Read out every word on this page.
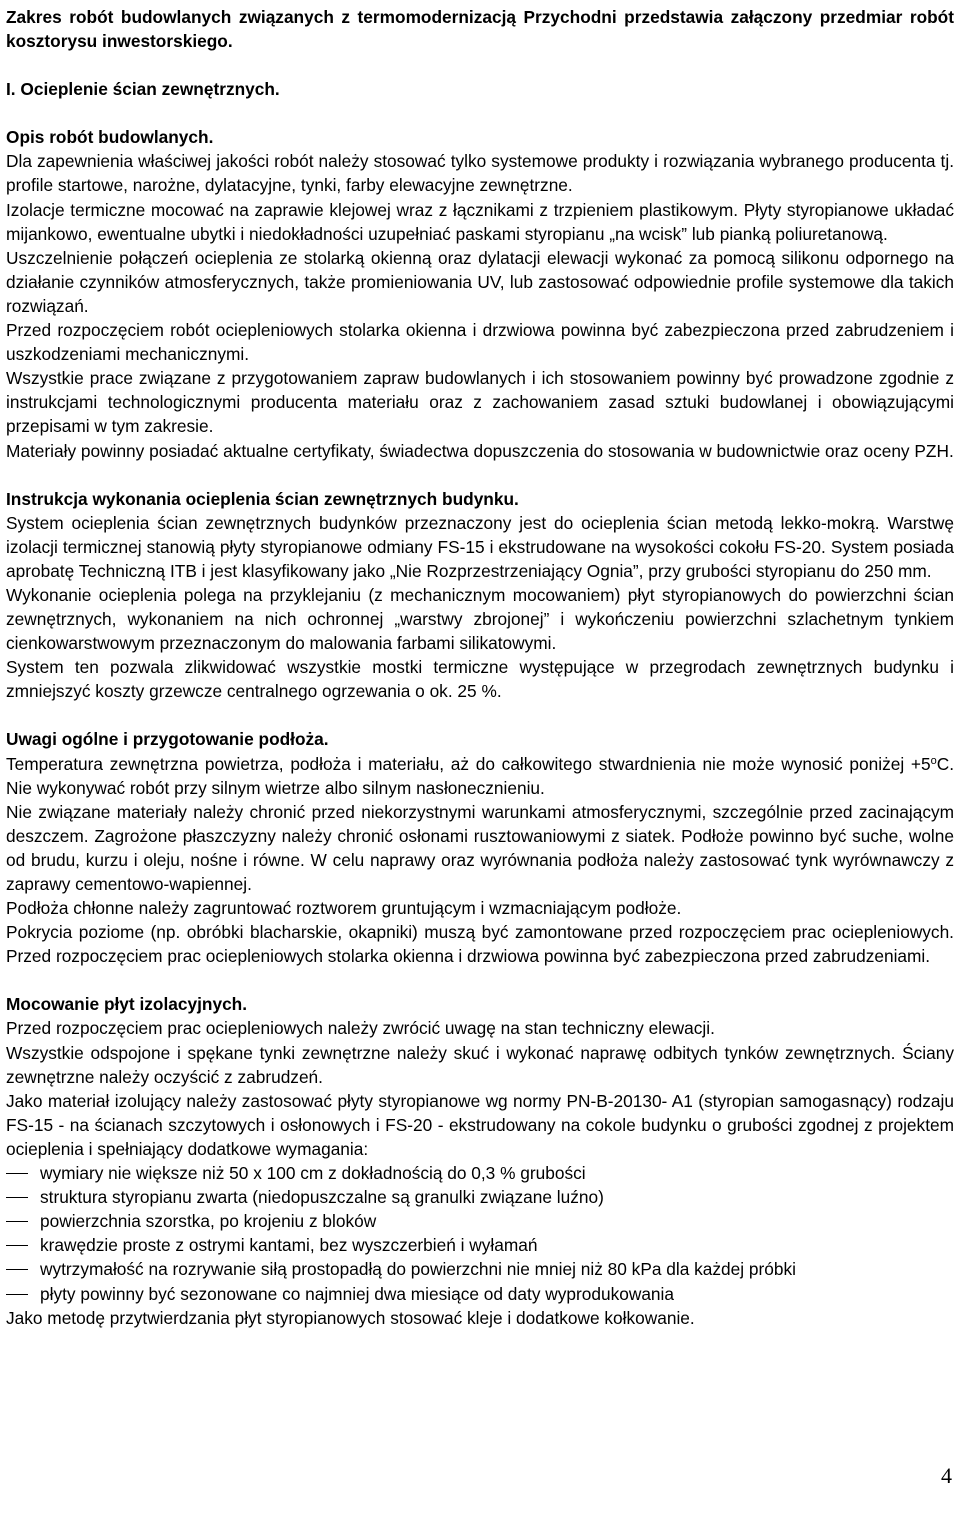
Zakres robót budowlanych związanych z termomodernizacją Przychodni przedstawia załączony przedmiar robót kosztorysu inwestorskiego.

I. Ocieplenie ścian zewnętrznych.

Opis robót budowlanych.

Dla zapewnienia właściwej jakości robót należy stosować tylko systemowe produkty i rozwiązania wybranego producenta tj. profile startowe, narożne, dylatacyjne, tynki, farby elewacyjne zewnętrzne.

Izolacje termiczne mocować na zaprawie klejowej wraz z łącznikami z trzpieniem plastikowym. Płyty styropianowe układać mijankowo, ewentualne ubytki i niedokładności uzupełniać paskami styropianu „na wcisk” lub pianką poliuretanową.

Uszczelnienie połączeń ocieplenia ze stolarką okienną oraz dylatacji elewacji wykonać za pomocą silikonu odpornego na działanie czynników atmosferycznych, także promieniowania UV, lub zastosować odpowiednie profile systemowe dla takich rozwiązań.

Przed rozpoczęciem robót ociepleniowych stolarka okienna i drzwiowa powinna być zabezpieczona przed zabrudzeniem i uszkodzeniami mechanicznymi.

Wszystkie prace związane z przygotowaniem zapraw budowlanych i ich stosowaniem powinny być prowadzone zgodnie z instrukcjami technologicznymi producenta materiału oraz z zachowaniem zasad sztuki budowlanej i obowiązującymi przepisami w tym zakresie.

Materiały powinny posiadać aktualne certyfikaty, świadectwa dopuszczenia do stosowania w budownictwie oraz oceny PZH.

Instrukcja wykonania ocieplenia ścian zewnętrznych budynku.

System ocieplenia ścian zewnętrznych budynków przeznaczony jest do ocieplenia ścian metodą lekko-mokrą. Warstwę izolacji termicznej stanowią płyty styropianowe odmiany FS-15 i ekstrudowane na wysokości cokołu FS-20. System posiada aprobatę Techniczną ITB i jest klasyfikowany jako „Nie Rozprzestrzeniający Ognia”, przy grubości styropianu do 250 mm.

Wykonanie ocieplenia polega na przyklejaniu (z mechanicznym mocowaniem) płyt styropianowych do powierzchni ścian zewnętrznych, wykonaniem na nich ochronnej „warstwy zbrojonej” i wykończeniu powierzchni szlachetnym tynkiem cienkowarstwowym przeznaczonym do malowania farbami silikatowymi.

System ten pozwala zlikwidować wszystkie mostki termiczne występujące w przegrodach zewnętrznych budynku i zmniejszyć koszty grzewcze centralnego ogrzewania o ok. 25 %.

Uwagi ogólne i przygotowanie podłoża.

Temperatura zewnętrzna powietrza, podłoża i materiału, aż do całkowitego stwardnienia nie może wynosić poniżej $+5^oC$. Nie wykonywać robót przy silnym wietrze albo silnym nasłonecznieniu.

Nie związane materiały należy chronić przed niekorzystnymi warunkami atmosferycznymi, szczególnie przed zacinającym deszczem. Zagrożone płaszczyzny należy chronić osłonami rusztowaniowymi z siatek. Podłoże powinno być suche, wolne od brudu, kurzu i oleju, nośne i równe. W celu naprawy oraz wyrównania podłoża należy zastosować tynk wyrównawczy z zaprawy cementowo-wapiennej.

Podłoża chłonne należy zagruntować roztworem gruntującym i wzmacniającym podłoże.

Pokrycia poziome (np. obróbki blacharskie, okapniki) muszą być zamontowane przed rozpoczęciem prac ociepleniowych. Przed rozpoczęciem prac ociepleniowych stolarka okienna i drzwiowa powinna być zabezpieczona przed zabrudzeniami.

Mocowanie płyt izolacyjnych.

Przed rozpoczęciem prac ociepleniowych należy zwrócić uwagę na stan techniczny elewacji.

Wszystkie odspojone i spękane tynki zewnętrzne należy skuć i wykonać naprawę odbitych tynków zewnętrznych. Ściany zewnętrzne należy oczyścić z zabrudzeń.

Jako materiał izolujący należy zastosować płyty styropianowe wg normy PN-B-20130- A1 (styropian samogasnący) rodzaju FS-15 - na ścianach szczytowych i osłonowych i FS-20 - ekstrudowany na cokole budynku o grubości zgodnej z projektem ocieplenia i spełniający dodatkowe wymagania:

wymiary nie większe niż 50 x 100 cm z dokładnością do 0,3 % grubości
struktura styropianu zwarta (niedopuszczalne są granulki związane luźno)
powierzchnia szorstka, po krojeniu z bloków
krawędzie proste z ostrymi kantami, bez wyszczerbień i wyłamań
wytrzymałość na rozrywanie siłą prostopadłą do powierzchni nie mniej niż 80 kPa dla każdej próbki
płyty powinny być sezonowane co najmniej dwa miesiące od daty wyprodukowania

Jako metodę przytwierdzania płyt styropianowych stosować kleje i dodatkowe kołkowanie.

4
